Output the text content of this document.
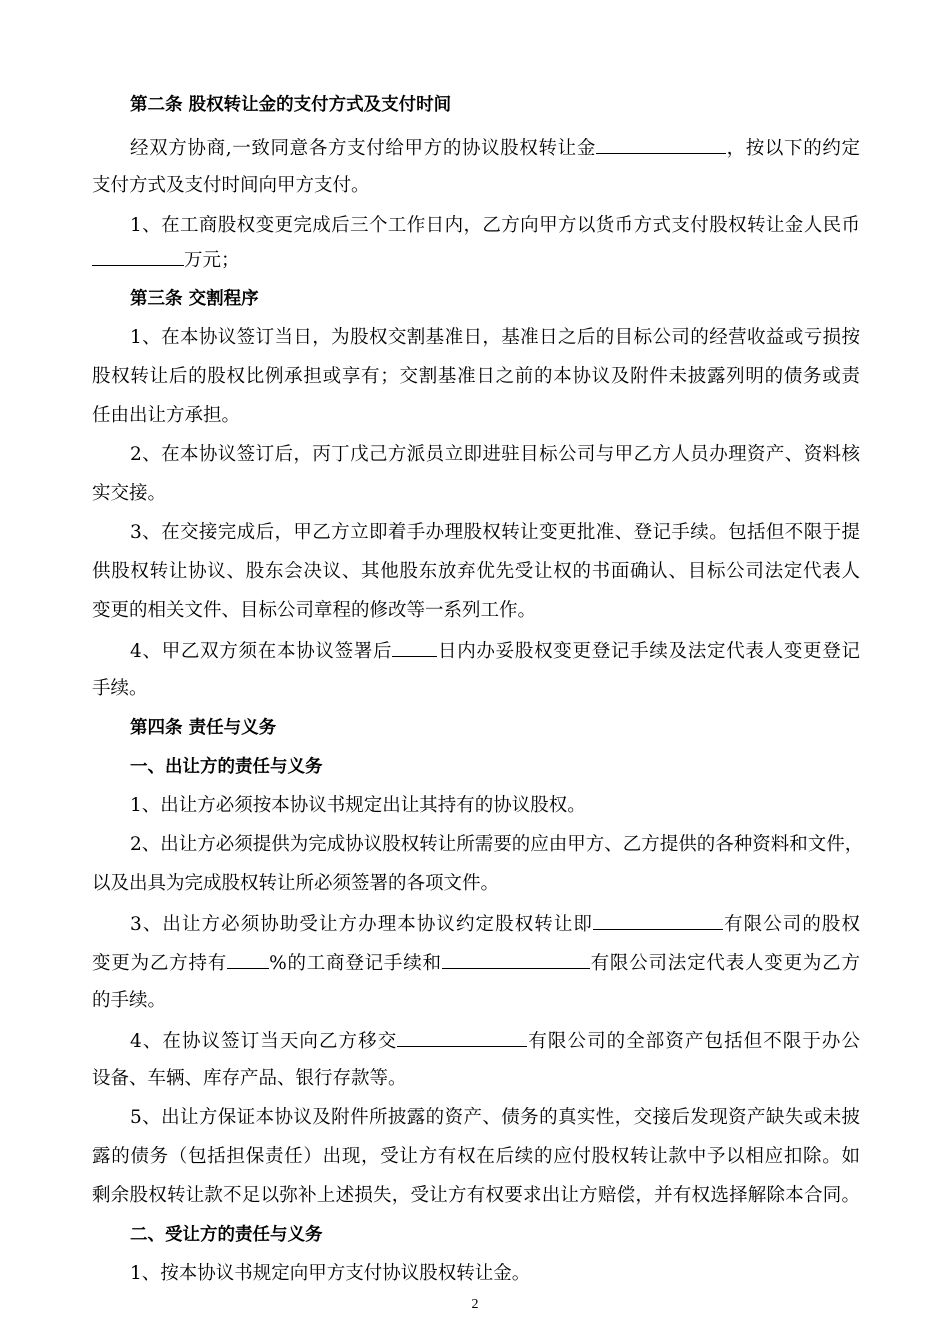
第二条 股权转让金的支付方式及支付时间
经双方协商,一致同意各方支付给甲方的协议股权转让金	，按以下的约定
支付方式及支付时间向甲方支付。
1、在工商股权变更完成后三个工作日内，乙方向甲方以货币方式支付股权转让金人民币
万元；
第三条 交割程序
1、在本协议签订当日，为股权交割基准日，基准日之后的目标公司的经营收益或亏损按
股权转让后的股权比例承担或享有；交割基准日之前的本协议及附件未披露列明的债务或责
任由出让方承担。
2、在本协议签订后，丙丁戊己方派员立即进驻目标公司与甲乙方人员办理资产、资料核
实交接。
3、在交接完成后，甲乙方立即着手办理股权转让变更批准、登记手续。包括但不限于提
供股权转让协议、股东会决议、其他股东放弃优先受让权的书面确认、目标公司法定代表人
变更的相关文件、目标公司章程的修改等一系列工作。
4、甲乙双方须在本协议签署后 日内办妥股权变更登记手续及法定代表人变更登记
手续。
第四条 责任与义务
一、出让方的责任与义务
1、出让方必须按本协议书规定出让其持有的协议股权。
2、出让方必须提供为完成协议股权转让所需要的应由甲方、乙方提供的各种资料和文件，
以及出具为完成股权转让所必须签署的各项文件。
3、出让方必须协助受让方办理本协议约定股权转让即	有限公司的股权
变更为乙方持有 %的工商登记手续和	有限公司法定代表人变更为乙方
的手续。
4、在协议签订当天向乙方移交	有限公司的全部资产包括但不限于办公
设备、车辆、库存产品、银行存款等。
5、出让方保证本协议及附件所披露的资产、债务的真实性，交接后发现资产缺失或未披
露的债务（包括担保责任）出现，受让方有权在后续的应付股权转让款中予以相应扣除。如
剩余股权转让款不足以弥补上述损失，受让方有权要求出让方赔偿，并有权选择解除本合同。
二、受让方的责任与义务
1、按本协议书规定向甲方支付协议股权转让金。
2
